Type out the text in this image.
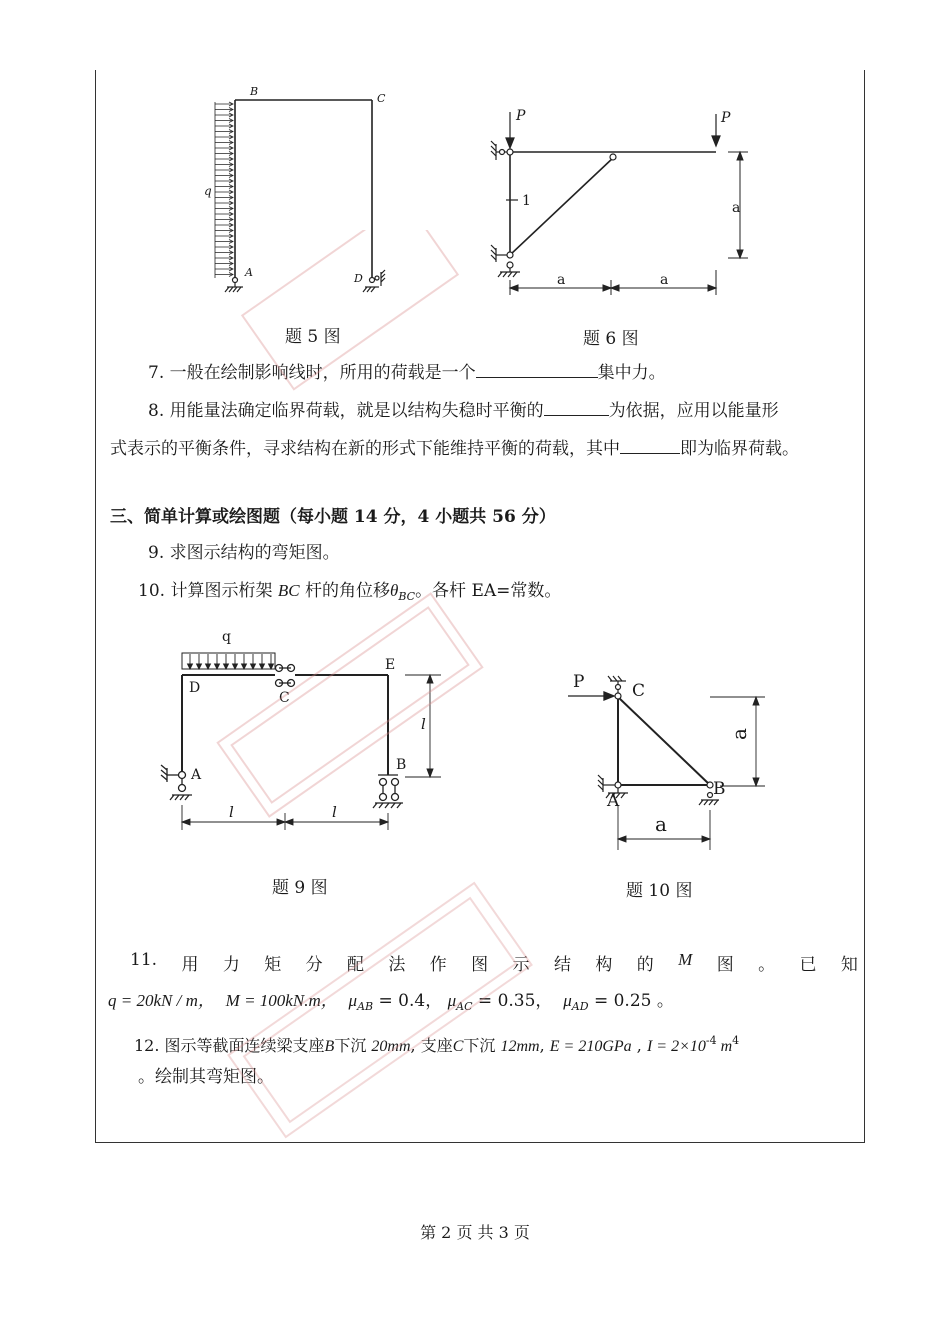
B
C
A	D
q
题 5 图
P	P
1	a
a	a
题 6 图
7. 一般在绘制影响线时，所用的荷载是一个	集中力。
8. 用能量法确定临界荷载，就是以结构失稳时平衡的	为依据，应用以能量形
式表示的平衡条件，寻求结构在新的形式下能维持平衡的荷载，其中	即为临界荷载。
三、简单计算或绘图题（每小题 14 分，4 小题共 56 分）
9. 求图示结构的弯矩图。
10. 计算图示桁架 BC 杆的角位移$\theta_{BC}$。各杆 EA=常数。
q
D
C
E
A
B
l
l	l
题 9 图
P	C
A
B
a
a
题 10 图
11. 用 力 矩 分 配 法 作 图 示 结 构 的 M 图 。 已 知
q = 20kN / m， M = 100kN.m， $\mu_{AB} = 0.4$， $\mu_{AC} = 0.35$， $\mu_{AD} = 0.25$ 。
12. 图示等截面连续梁支座B下沉 20mm, 支座C下沉 12mm, E = 210GPa , $I = 2\times 10^{-4}$ $m^4$
。绘制其弯矩图。
第 2 页 共 3 页
